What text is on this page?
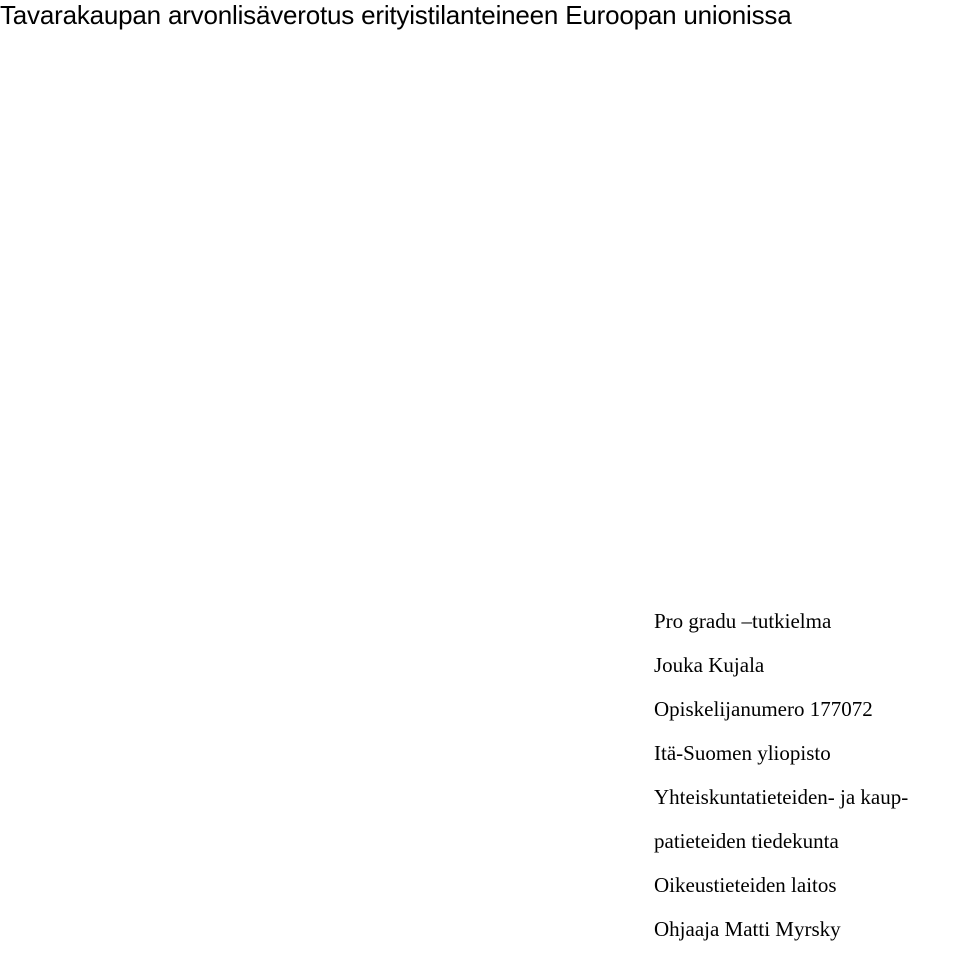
Tavarakaupan arvonlisäverotus erityistilanteineen Euroopan unionissa
Pro gradu –tutkielma
Jouka Kujala
Opiskelijanumero 177072
Itä-Suomen yliopisto
Yhteiskuntatieteiden- ja kaup-
patieteiden tiedekunta
Oikeustieteiden laitos
Ohjaaja Matti Myrsky
